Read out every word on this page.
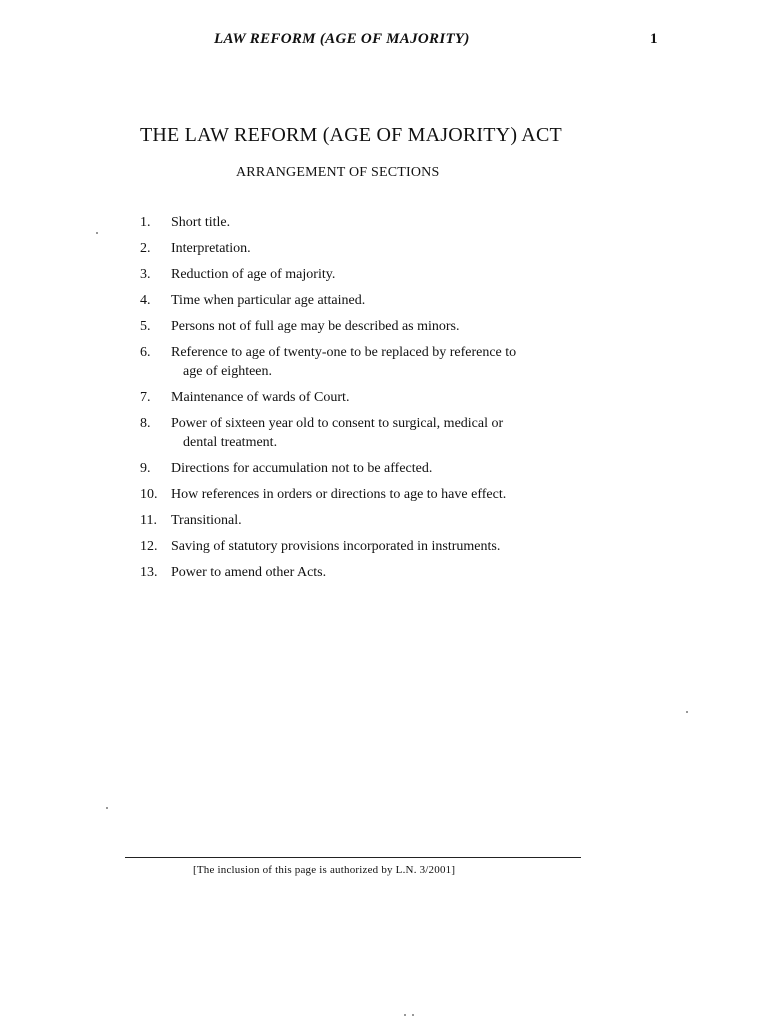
LAW REFORM (AGE OF MAJORITY)	1
THE LAW REFORM (AGE OF MAJORITY) ACT
ARRANGEMENT OF SECTIONS
1.	Short title.
2.	Interpretation.
3.	Reduction of age of majority.
4.	Time when particular age attained.
5.	Persons not of full age may be described as minors.
6.	Reference to age of twenty-one to be replaced by reference to
age of eighteen.
7.	Maintenance of wards of Court.
8.	Power of sixteen year old to consent to surgical, medical or
dental treatment.
9.	Directions for accumulation not to be affected.
10. How references in orders or directions to age to have effect.
11.	Transitional.
12. Saving of statutory provisions incorporated in instruments.
13. Power to amend other Acts.
[The inclusion of this page is authorized by L.N. 3/2001]
